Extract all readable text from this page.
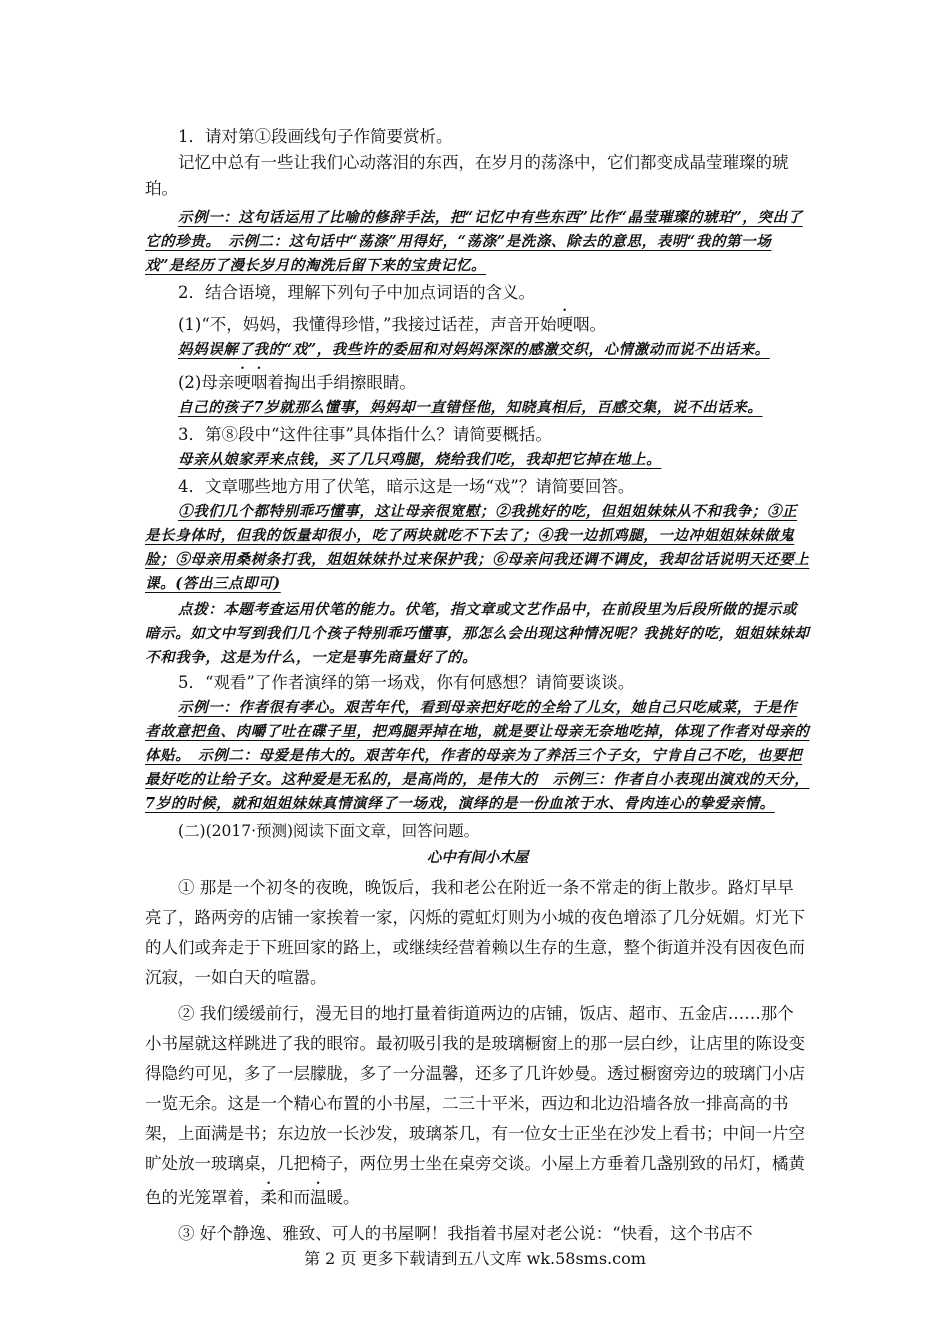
1．请对第①段画线句子作简要赏析。

记忆中总有一些让我们心动落泪的东西，在岁月的荡涤中，它们都变成晶莹璀璨的琥珀。

示例一：这句话运用了比喻的修辞手法，把“记忆中有些东西”比作“晶莹璀璨的琥珀”，突出了它的珍贵。　示例二：这句话中“荡涤”用得好，“荡涤”是洗涤、除去的意思，表明“我的第一场戏”是经历了漫长岁月的淘洗后留下来的宝贵记忆。

2．结合语境，理解下列句子中加点词语的含义。

(1)“不，妈妈，我懂得珍惜，”我接过话茬，声音开始哽咽。

妈妈误解了我的“戏”，我些许的委屈和对妈妈深深的感激交织，心情激动而说不出话来。

(2)母亲哽咽着掏出手绢擦眼睛。

自己的孩子7岁就那么懂事，妈妈却一直错怪他，知晓真相后，百感交集，说不出话来。

3．第⑧段中“这件往事”具体指什么？请简要概括。

母亲从娘家弄来点钱，买了几只鸡腿，烧给我们吃，我却把它掉在地上。

4．文章哪些地方用了伏笔，暗示这是一场“戏”？请简要回答。

①我们几个都特别乖巧懂事，这让母亲很宽慰；②我挑好的吃，但姐姐妹妹从不和我争；③正是长身体时，但我的饭量却很小，吃了两块就吃不下去了；④我一边抓鸡腿，一边冲姐姐妹妹做鬼脸；⑤母亲用桑树条打我，姐姐妹妹扑过来保护我；⑥母亲问我还调不调皮，我却岔话说明天还要上课。(答出三点即可)

点拨：本题考查运用伏笔的能力。伏笔，指文章或文艺作品中，在前段里为后段所做的提示或暗示。如文中写到我们几个孩子特别乖巧懂事，那怎么会出现这种情况呢？我挑好的吃，姐姐妹妹却不和我争，这是为什么，一定是事先商量好了的。

5．“观看”了作者演绎的第一场戏，你有何感想？请简要谈谈。

示例一：作者很有孝心。艰苦年代，看到母亲把好吃的全给了儿女，她自己只吃咸菜，于是作者故意把鱼、肉嚼了吐在碟子里，把鸡腿弄掉在地，就是要让母亲无奈地吃掉，体现了作者对母亲的体贴。　示例二：母爱是伟大的。艰苦年代，作者的母亲为了养活三个子女，宁肯自己不吃，也要把最好吃的让给子女。这种爱是无私的，是高尚的，是伟大的　示例三：作者自小表现出演戏的天分，7岁的时候，就和姐姐妹妹真情演绎了一场戏，演绎的是一份血浓于水、骨肉连心的挚爱亲情。

(二)(2017·预测)阅读下面文章，回答问题。

心中有间小木屋

① 那是一个初冬的夜晚，晚饭后，我和老公在附近一条不常走的街上散步。路灯早早亮了，路两旁的店铺一家挨着一家，闪烁的霓虹灯则为小城的夜色增添了几分妩媚。灯光下的人们或奔走于下班回家的路上，或继续经营着赖以生存的生意，整个街道并没有因夜色而沉寂，一如白天的喧嚣。

② 我们缓缓前行，漫无目的地打量着街道两边的店铺，饭店、超市、五金店……那个小书屋就这样跳进了我的眼帘。最初吸引我的是玻璃橱窗上的那一层白纱，让店里的陈设变得隐约可见，多了一层朦胧，多了一分温馨，还多了几许妙曼。透过橱窗旁边的玻璃门小店一览无余。这是一个精心布置的小书屋，二三十平米，西边和北边沿墙各放一排高高的书架，上面满是书；东边放一长沙发，玻璃茶几，有一位女士正坐在沙发上看书；中间一片空旷处放一玻璃桌，几把椅子，两位男士坐在桌旁交谈。小屋上方垂着几盏别致的吊灯，橘黄色的光笼罩着，柔和而温暖。

③ 好个静逸、雅致、可人的书屋啊！我指着书屋对老公说：“快看，这个书店不

第 2 页 更多下载请到五八文库 wk.58sms.com
